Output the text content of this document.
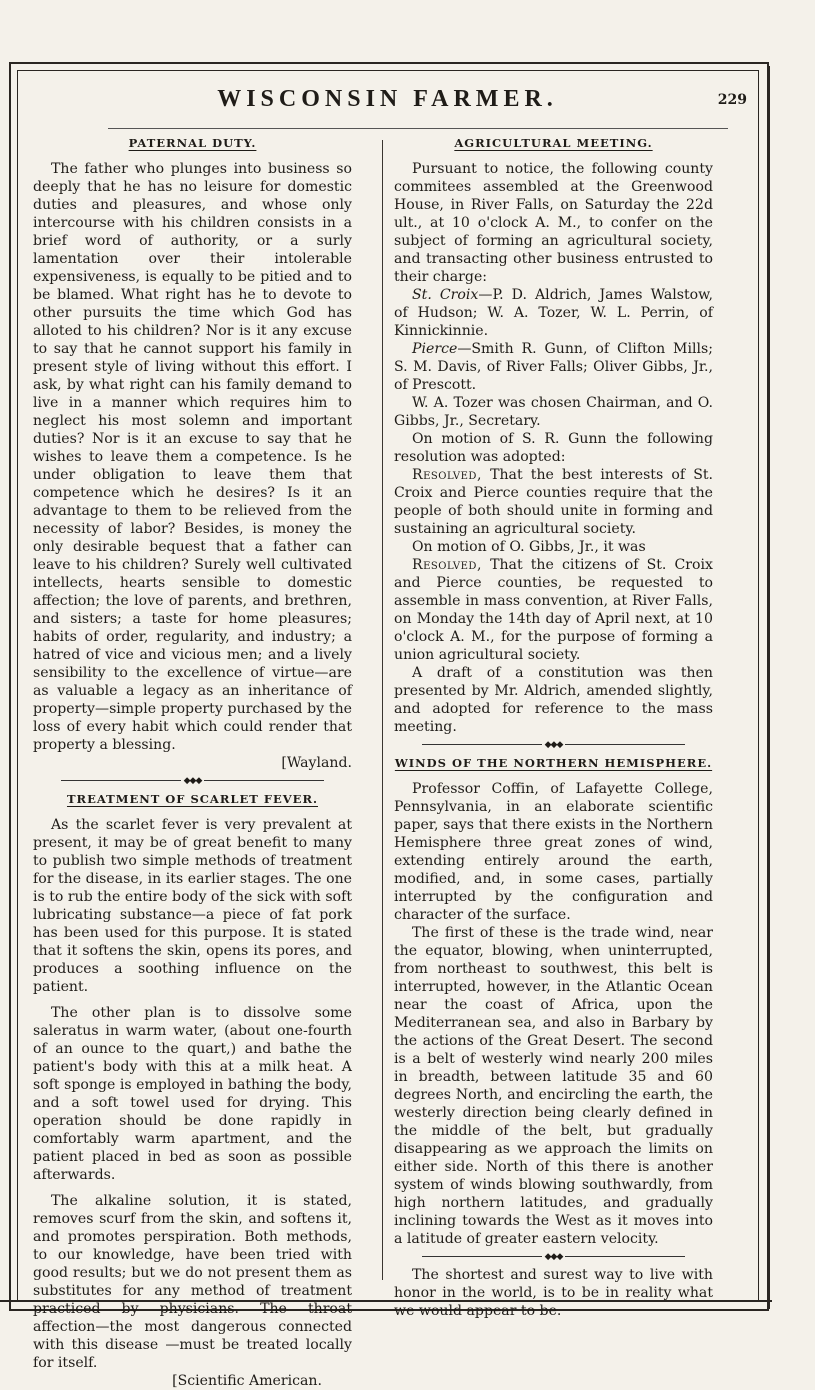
WISCONSIN FARMER.	229
PATERNAL DUTY.

The father who plunges into business so deeply that he has no leisure for domestic duties and pleasures, and whose only intercourse with his children consists in a brief word of authority, or a surly lamentation over their intolerable expensiveness, is equally to be pitied and to be blamed. What right has he to devote to other pursuits the time which God has alloted to his children? Nor is it any excuse to say that he cannot support his family in present style of living without this effort. I ask, by what right can his family demand to live in a manner which requires him to neglect his most solemn and important duties? Nor is it an excuse to say that he wishes to leave them a competence. Is he under obligation to leave them that competence which he desires? Is it an advantage to them to be relieved from the necessity of labor? Besides, is money the only desirable bequest that a father can leave to his children? Surely well cultivated intellects, hearts sensible to domestic affection; the love of parents, and brethren, and sisters; a taste for home pleasures; habits of order, regularity, and industry; a hatred of vice and vicious men; and a lively sensibility to the excellence of virtue—are as valuable a legacy as an inheritance of property—simple property purchased by the loss of every habit which could render that property a blessing.

[Wayland.
◆◆◆
TREATMENT OF SCARLET FEVER.

As the scarlet fever is very prevalent at present, it may be of great benefit to many to publish two simple methods of treatment for the disease, in its earlier stages. The one is to rub the entire body of the sick with soft lubricating substance—a piece of fat pork has been used for this purpose. It is stated that it softens the skin, opens its pores, and produces a soothing influence on the patient.

The other plan is to dissolve some saleratus in warm water, (about one-fourth of an ounce to the quart,) and bathe the patient's body with this at a milk heat. A soft sponge is employed in bathing the body, and a soft towel used for drying. This operation should be done rapidly in comfortably warm apartment, and the patient placed in bed as soon as possible afterwards.

The alkaline solution, it is stated, removes scurf from the skin, and softens it, and promotes perspiration. Both methods, to our knowledge, have been tried with good results; but we do not present them as substitutes for any method of treatment practiced by physicians. The throat affection—the most dangerous connected with this disease —must be treated locally for itself.

[Scientific American.
AGRICULTURAL MEETING.

Pursuant to notice, the following county commitees assembled at the Greenwood House, in River Falls, on Saturday the 22d ult., at 10 o'clock A. M., to confer on the subject of forming an agricultural society, and transacting other business entrusted to their charge:

St. Croix—P. D. Aldrich, James Walstow, of Hudson; W. A. Tozer, W. L. Perrin, of Kinnickinnie.

Pierce—Smith R. Gunn, of Clifton Mills; S. M. Davis, of River Falls; Oliver Gibbs, Jr., of Prescott.

W. A. Tozer was chosen Chairman, and O. Gibbs, Jr., Secretary.

On motion of S. R. Gunn the following resolution was adopted:

Resolved, That the best interests of St. Croix and Pierce counties require that the people of both should unite in forming and sustaining an agricultural society.

On motion of O. Gibbs, Jr., it was

Resolved, That the citizens of St. Croix and Pierce counties, be requested to assemble in mass convention, at River Falls, on Monday the 14th day of April next, at 10 o'clock A. M., for the purpose of forming a union agricultural society.

A draft of a constitution was then presented by Mr. Aldrich, amended slightly, and adopted for reference to the mass meeting.

◆◆◆
WINDS OF THE NORTHERN HEMISPHERE.

Professor Coffin, of Lafayette College, Pennsylvania, in an elaborate scientific paper, says that there exists in the Northern Hemisphere three great zones of wind, extending entirely around the earth, modified, and, in some cases, partially interrupted by the configuration and character of the surface.

The first of these is the trade wind, near the equator, blowing, when uninterrupted, from northeast to southwest, this belt is interrupted, however, in the Atlantic Ocean near the coast of Africa, upon the Mediterranean sea, and also in Barbary by the actions of the Great Desert. The second is a belt of westerly wind nearly 200 miles in breadth, between latitude 35 and 60 degrees North, and encircling the earth, the westerly direction being clearly defined in the middle of the belt, but gradually disappearing as we approach the limits on either side. North of this there is another system of winds blowing southwardly, from high northern latitudes, and gradually inclining towards the West as it moves into a latitude of greater eastern velocity.

◆◆◆

The shortest and surest way to live with honor in the world, is to be in reality what we would appear to be.
